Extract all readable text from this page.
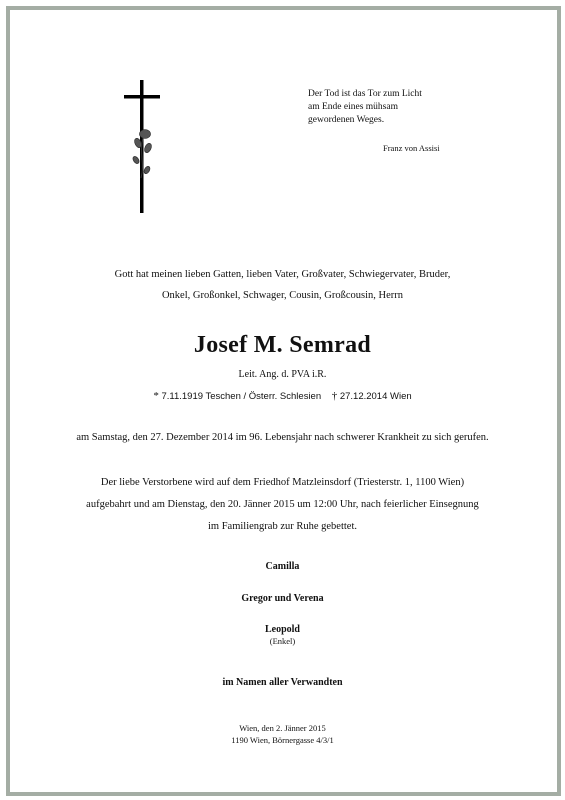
Der Tod ist das Tor zum Licht
am Ende eines mühsam
gewordenen Weges.
Franz von Assisi
Gott hat meinen lieben Gatten, lieben Vater, Großvater, Schwiegervater, Bruder,
Onkel, Großonkel, Schwager, Cousin, Großcousin, Herrn
Josef M. Semrad
Leit. Ang. d. PVA i.R.
* 7.11.1919 Teschen / Österr. Schlesien † 27.12.2014 Wien
am Samstag, den 27. Dezember 2014 im 96. Lebensjahr nach schwerer Krankheit zu sich gerufen.
Der liebe Verstorbene wird auf dem Friedhof Matzleinsdorf (Triesterstr. 1, 1100 Wien)
aufgebahrt und am Dienstag, den 20. Jänner 2015 um 12:00 Uhr, nach feierlicher Einsegnung
im Familiengrab zur Ruhe gebettet.
Camilla
Gregor und Verena
Leopold
(Enkel)
im Namen aller Verwandten
Wien, den 2. Jänner 2015
1190 Wien, Börnergasse 4/3/1
